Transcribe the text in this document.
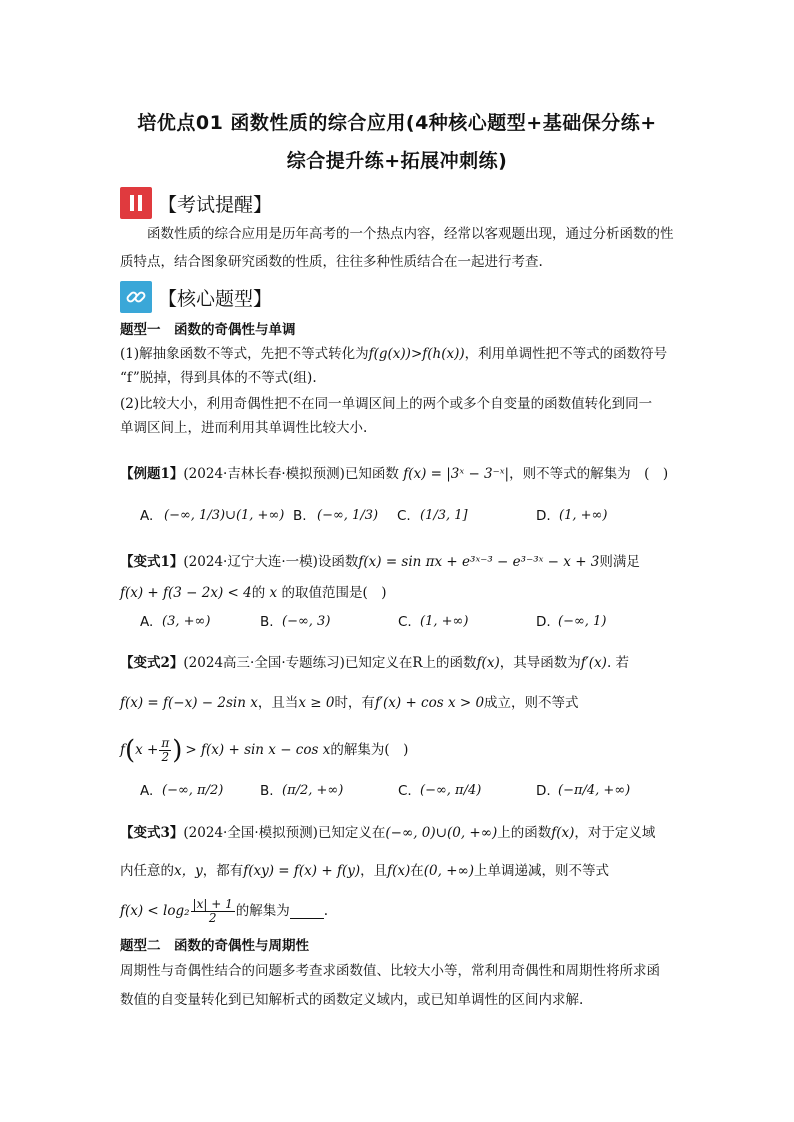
培优点01 函数性质的综合应用(4种核心题型+基础保分练+
综合提升练+拓展冲刺练)
【考试提醒】
函数性质的综合应用是历年高考的一个热点内容，经常以客观题出现，通过分析函数的性质特点，结合图象研究函数的性质，往往多种性质结合在一起进行考查.
【核心题型】
题型一　函数的奇偶性与单调
(1)解抽象函数不等式，先把不等式转化为f(g(x))>f(h(x))，利用单调性把不等式的函数符号
“f”脱掉，得到具体的不等式(组).
(2)比较大小，利用奇偶性把不在同一单调区间上的两个或多个自变量的函数值转化到同一
单调区间上，进而利用其单调性比较大小.
【例题1】(2024·吉林长春·模拟预测)已知函数 f(x) = |3ˣ − 3⁻ˣ|，则不等式的解集为　(　)
A. (−∞, 1/3)∪(1, +∞) B. (−∞, 1/3) C. (1/3, 1]	D. (1, +∞)
【变式1】(2024·辽宁大连·一模)设函数f(x) = sin πx + e³ˣ⁻³ − e³⁻³ˣ − x + 3则满足
f(x) + f(3 − 2x) < 4的 x 的取值范围是(　)
A. (3, +∞)	B. (−∞, 3)	C. (1, +∞)	D. (−∞, 1)
【变式2】(2024高三·全国·专题练习)已知定义在R上的函数f(x)，其导函数为f′(x). 若
f(x) = f(−x) − 2sin x，且当x ≥ 0时，有f′(x) + cos x > 0成立，则不等式
$f(x + \frac{\pi}{2}$ ) > f(x) + sin x − cos x 的解集为(　)
A. (−∞, π/2)	B. (π/2, +∞)	C. (−∞, π/4)	D. (−π/4, +∞)
【变式3】(2024·全国·模拟预测)已知定义在(−∞, 0)∪(0, +∞)上的函数f(x)，对于定义域
内任意的x，y，都有f(xy) = f(x) + f(y)，且f(x)在(0, +∞)上单调递减，则不等式
$f(x) < \log_2 \frac{|x| + 1}{2}$ 的解集为	.
题型二　函数的奇偶性与周期性
周期性与奇偶性结合的问题多考查求函数值、比较大小等，常利用奇偶性和周期性将所求函
数值的自变量转化到已知解析式的函数定义域内，或已知单调性的区间内求解.
